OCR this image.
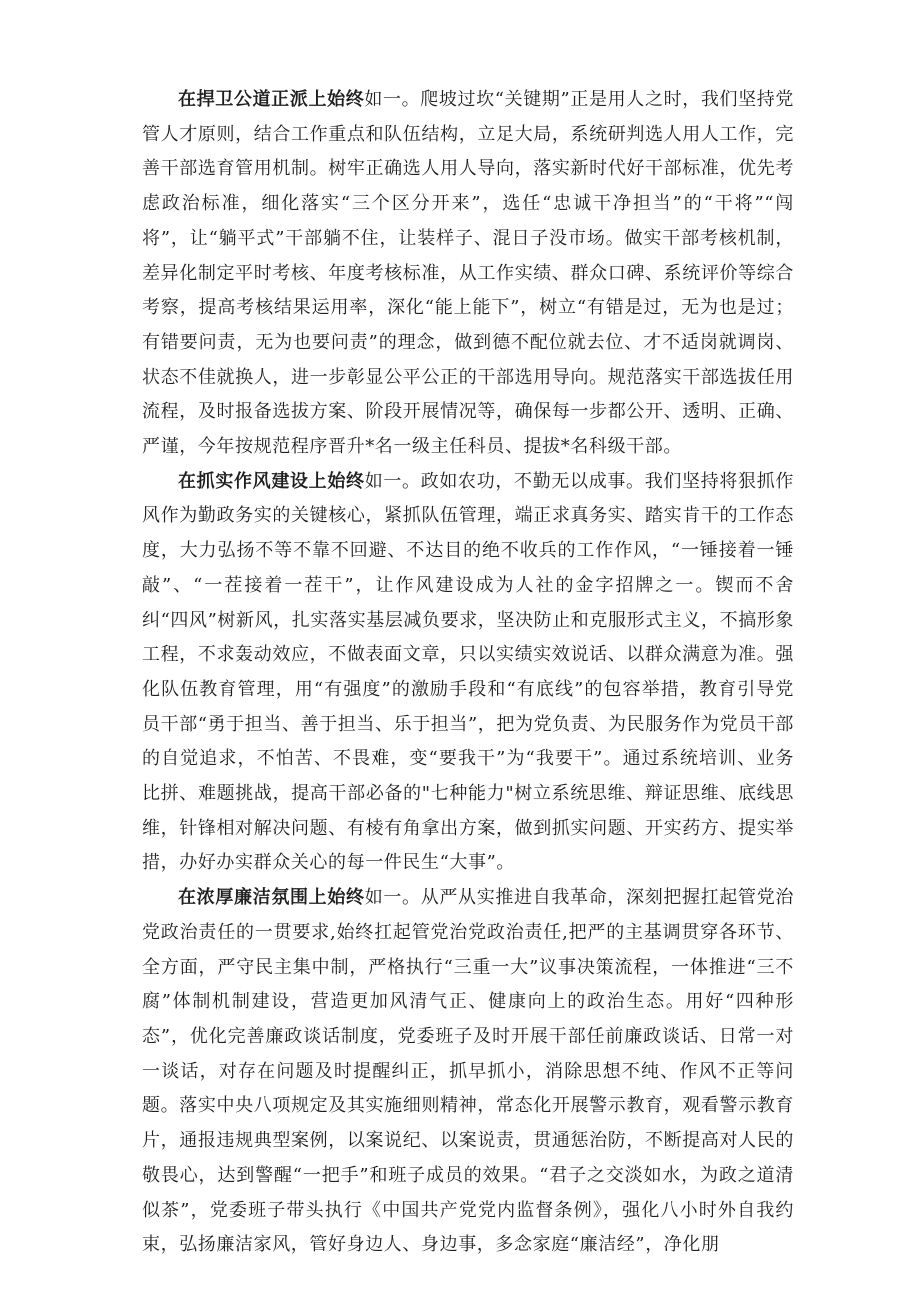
在捍卫公道正派上始终如一。爬坡过坎“关键期”正是用人之时，我们坚持党管人才原则，结合工作重点和队伍结构，立足大局，系统研判选人用人工作，完善干部选育管用机制。树牢正确选人用人导向，落实新时代好干部标准，优先考虑政治标准，细化落实“三个区分开来”，选任“忠诚干净担当”的“干将”“闯将”，让“躺平式”干部躺不住，让装样子、混日子没市场。做实干部考核机制，差异化制定平时考核、年度考核标准，从工作实绩、群众口碑、系统评价等综合考察，提高考核结果运用率，深化“能上能下”，树立“有错是过，无为也是过；有错要问责，无为也要问责”的理念，做到德不配位就去位、才不适岗就调岗、状态不佳就换人，进一步彰显公平公正的干部选用导向。规范落实干部选拔任用流程，及时报备选拔方案、阶段开展情况等，确保每一步都公开、透明、正确、严谨，今年按规范程序晋升*名一级主任科员、提拔*名科级干部。

在抓实作风建设上始终如一。政如农功，不勤无以成事。我们坚持将狠抓作风作为勤政务实的关键核心，紧抓队伍管理，端正求真务实、踏实肯干的工作态度，大力弘扬不等不靠不回避、不达目的绝不收兵的工作作风，“一锤接着一锤敲”、“一茬接着一茬干”，让作风建设成为人社的金字招牌之一。锲而不舍纠“四风”树新风，扎实落实基层减负要求，坚决防止和克服形式主义，不搞形象工程，不求轰动效应，不做表面文章，只以实绩实效说话、以群众满意为准。强化队伍教育管理，用“有强度”的激励手段和“有底线”的包容举措，教育引导党员干部“勇于担当、善于担当、乐于担当”，把为党负责、为民服务作为党员干部的自觉追求，不怕苦、不畏难，变“要我干”为“我要干”。通过系统培训、业务比拼、难题挑战，提高干部必备的"七种能力"树立系统思维、辩证思维、底线思维，针锋相对解决问题、有棱有角拿出方案，做到抓实问题、开实药方、提实举措，办好办实群众关心的每一件民生“大事”。

在浓厚廉洁氛围上始终如一。从严从实推进自我革命，深刻把握扛起管党治党政治责任的一贯要求,始终扛起管党治党政治责任,把严的主基调贯穿各环节、全方面，严守民主集中制，严格执行“三重一大”议事决策流程，一体推进“三不腐”体制机制建设，营造更加风清气正、健康向上的政治生态。用好“四种形态”，优化完善廉政谈话制度，党委班子及时开展干部任前廉政谈话、日常一对一谈话，对存在问题及时提醒纠正，抓早抓小，消除思想不纯、作风不正等问题。落实中央八项规定及其实施细则精神，常态化开展警示教育，观看警示教育片，通报违规典型案例，以案说纪、以案说责，贯通惩治防，不断提高对人民的敬畏心，达到警醒“一把手”和班子成员的效果。“君子之交淡如水，为政之道清似茶”，党委班子带头执行《中国共产党党内监督条例》，强化八小时外自我约束，弘扬廉洁家风，管好身边人、身边事，多念家庭“廉洁经”，净化朋
